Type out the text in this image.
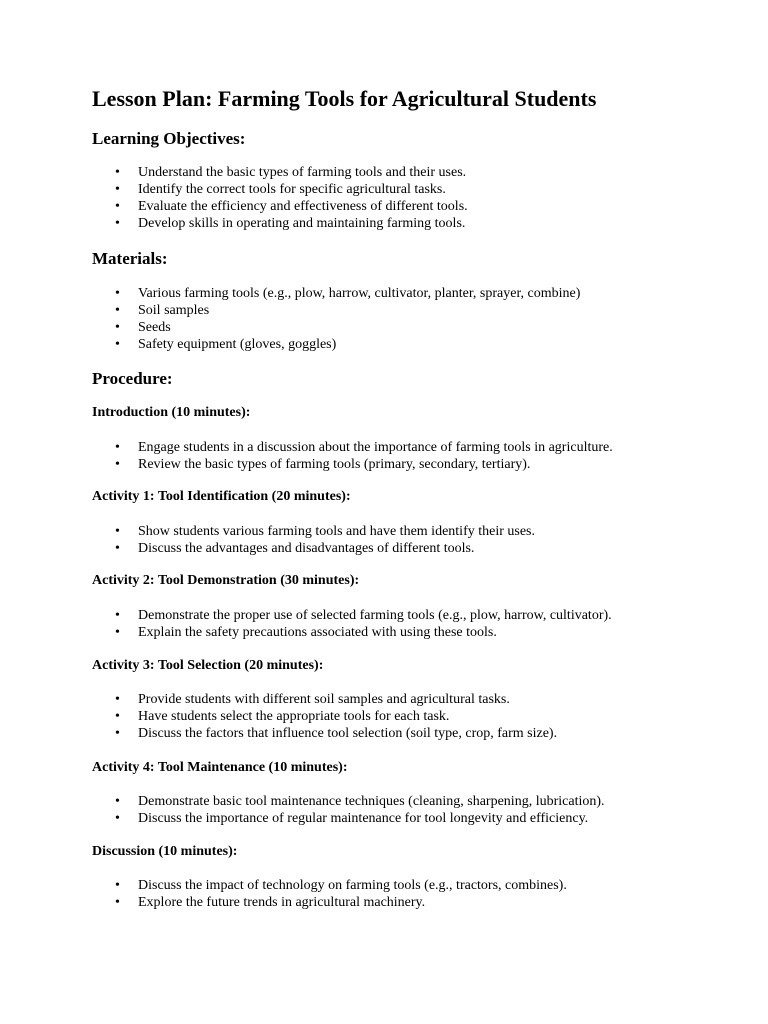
Lesson Plan: Farming Tools for Agricultural Students
Learning Objectives:
• Understand the basic types of farming tools and their uses.
• Identify the correct tools for specific agricultural tasks.
• Evaluate the efficiency and effectiveness of different tools.
• Develop skills in operating and maintaining farming tools.
Materials:
• Various farming tools (e.g., plow, harrow, cultivator, planter, sprayer, combine)
• Soil samples
• Seeds
• Safety equipment (gloves, goggles)
Procedure:
Introduction (10 minutes):
• Engage students in a discussion about the importance of farming tools in agriculture.
• Review the basic types of farming tools (primary, secondary, tertiary).
Activity 1: Tool Identification (20 minutes):
• Show students various farming tools and have them identify their uses.
• Discuss the advantages and disadvantages of different tools.
Activity 2: Tool Demonstration (30 minutes):
• Demonstrate the proper use of selected farming tools (e.g., plow, harrow, cultivator).
• Explain the safety precautions associated with using these tools.
Activity 3: Tool Selection (20 minutes):
• Provide students with different soil samples and agricultural tasks.
• Have students select the appropriate tools for each task.
• Discuss the factors that influence tool selection (soil type, crop, farm size).
Activity 4: Tool Maintenance (10 minutes):
• Demonstrate basic tool maintenance techniques (cleaning, sharpening, lubrication).
• Discuss the importance of regular maintenance for tool longevity and efficiency.
Discussion (10 minutes):
• Discuss the impact of technology on farming tools (e.g., tractors, combines).
• Explore the future trends in agricultural machinery.
